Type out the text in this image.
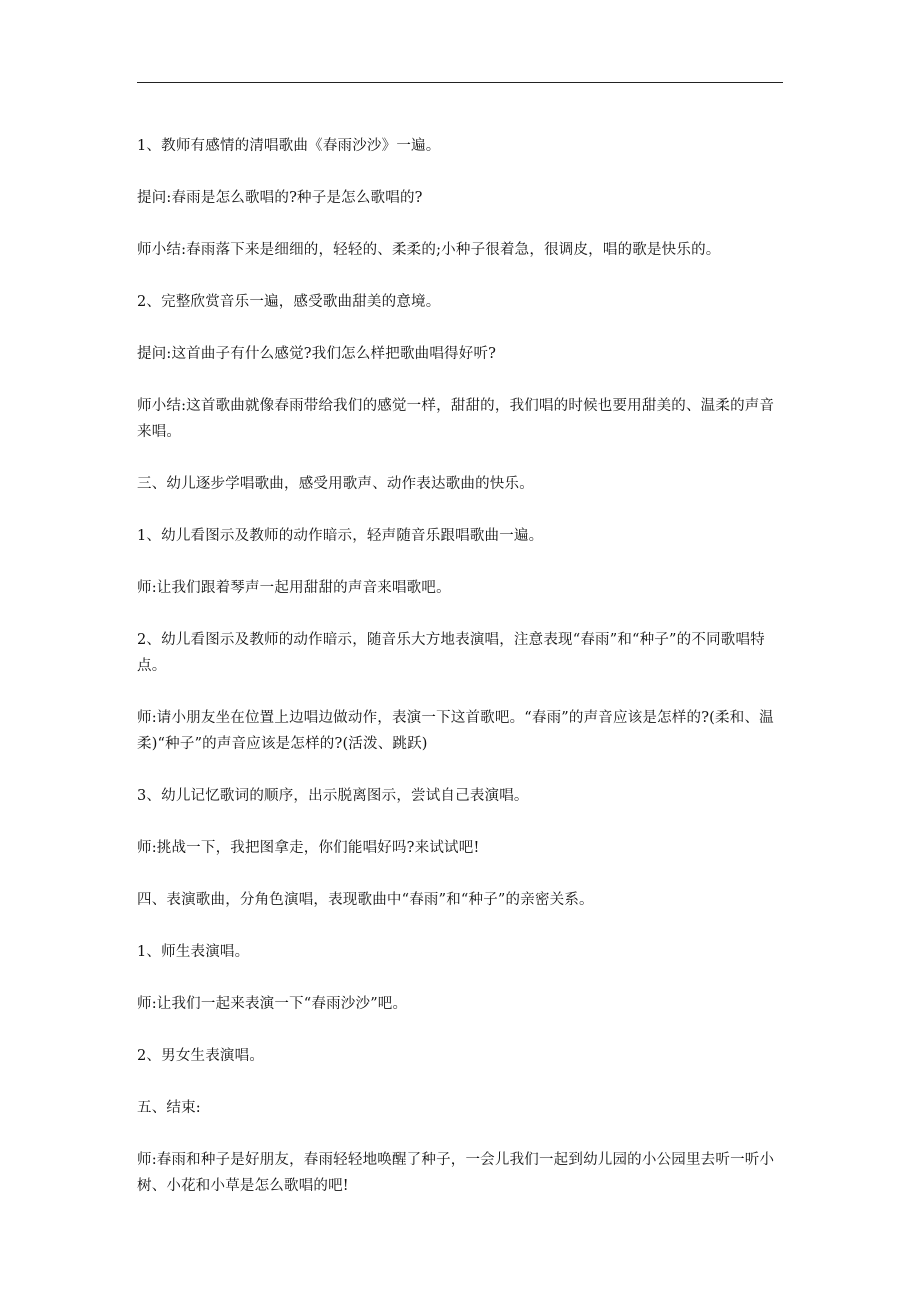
1、教师有感情的清唱歌曲《春雨沙沙》一遍。

提问:春雨是怎么歌唱的?种子是怎么歌唱的?

师小结:春雨落下来是细细的，轻轻的、柔柔的;小种子很着急，很调皮，唱的歌是快乐的。

2、完整欣赏音乐一遍，感受歌曲甜美的意境。

提问:这首曲子有什么感觉?我们怎么样把歌曲唱得好听?

师小结:这首歌曲就像春雨带给我们的感觉一样，甜甜的，我们唱的时候也要用甜美的、温柔的声音来唱。

三、幼儿逐步学唱歌曲，感受用歌声、动作表达歌曲的快乐。

1、幼儿看图示及教师的动作暗示，轻声随音乐跟唱歌曲一遍。

师:让我们跟着琴声一起用甜甜的声音来唱歌吧。

2、幼儿看图示及教师的动作暗示，随音乐大方地表演唱，注意表现“春雨”和“种子”的不同歌唱特点。

师:请小朋友坐在位置上边唱边做动作，表演一下这首歌吧。“春雨”的声音应该是怎样的?(柔和、温柔)“种子”的声音应该是怎样的?(活泼、跳跃)

3、幼儿记忆歌词的顺序，出示脱离图示，尝试自己表演唱。

师:挑战一下，我把图拿走，你们能唱好吗?来试试吧!

四、表演歌曲，分角色演唱，表现歌曲中“春雨”和“种子”的亲密关系。

1、师生表演唱。

师:让我们一起来表演一下“春雨沙沙”吧。

2、男女生表演唱。

五、结束:

师:春雨和种子是好朋友，春雨轻轻地唤醒了种子，一会儿我们一起到幼儿园的小公园里去听一听小树、小花和小草是怎么歌唱的吧!
